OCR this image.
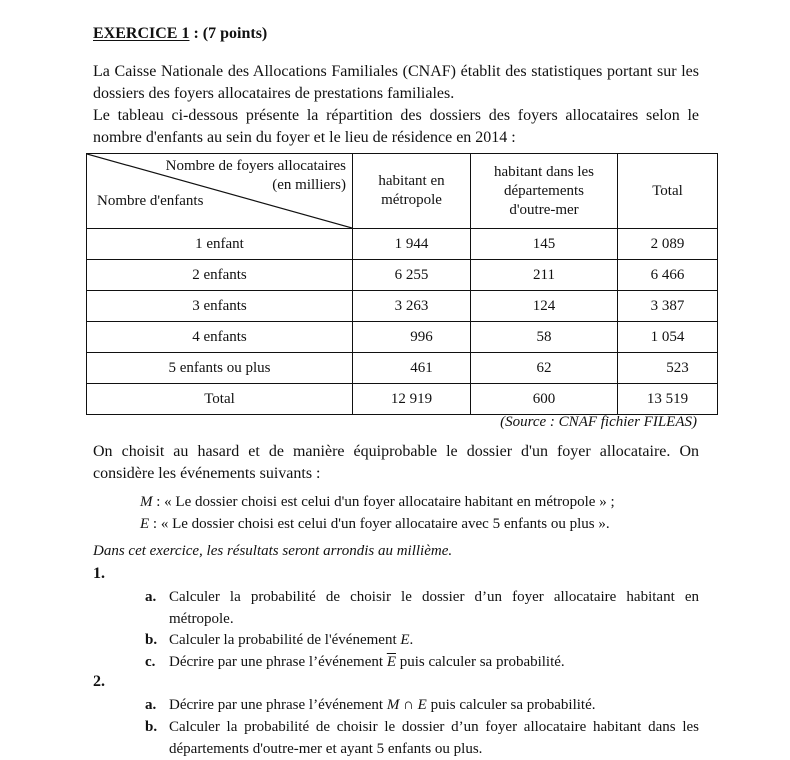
EXERCICE 1 : (7 points)
La Caisse Nationale des Allocations Familiales (CNAF) établit des statistiques portant sur les
dossiers des foyers allocataires de prestations familiales.
Le tableau ci-dessous présente la répartition des dossiers des foyers allocataires selon le
nombre d'enfants au sein du foyer et le lieu de résidence en 2014 :
Nombre de foyers allocataires
(en milliers)
Nombre d'enfants

habitant en
métropole

habitant dans les
départements
d'outre-mer

Total

1 enfant	1 944	145	2 089
2 enfants	6 255	211	6 466
3 enfants	3 263	124	3 387
4 enfants	996	58	1 054
5 enfants ou plus	461	62	523
Total	12 919	600	13 519
(Source : CNAF fichier FILEAS)
On choisit au hasard et de manière équiprobable le dossier d'un foyer allocataire. On
considère les événements suivants :
M : « Le dossier choisi est celui d'un foyer allocataire habitant en métropole » ;
E : « Le dossier choisi est celui d'un foyer allocataire avec 5 enfants ou plus ».
Dans cet exercice, les résultats seront arrondis au millième.
1.
a. Calculer la probabilité de choisir le dossier d’un foyer allocataire habitant en
métropole.
b. Calculer la probabilité de l'événement E.
c. Décrire par une phrase l’événement $\overline{E}$ puis calculer sa probabilité.
2.
a. Décrire par une phrase l’événement M ∩ E puis calculer sa probabilité.
b. Calculer la probabilité de choisir le dossier d’un foyer allocataire habitant dans les
départements d'outre-mer et ayant 5 enfants ou plus.
